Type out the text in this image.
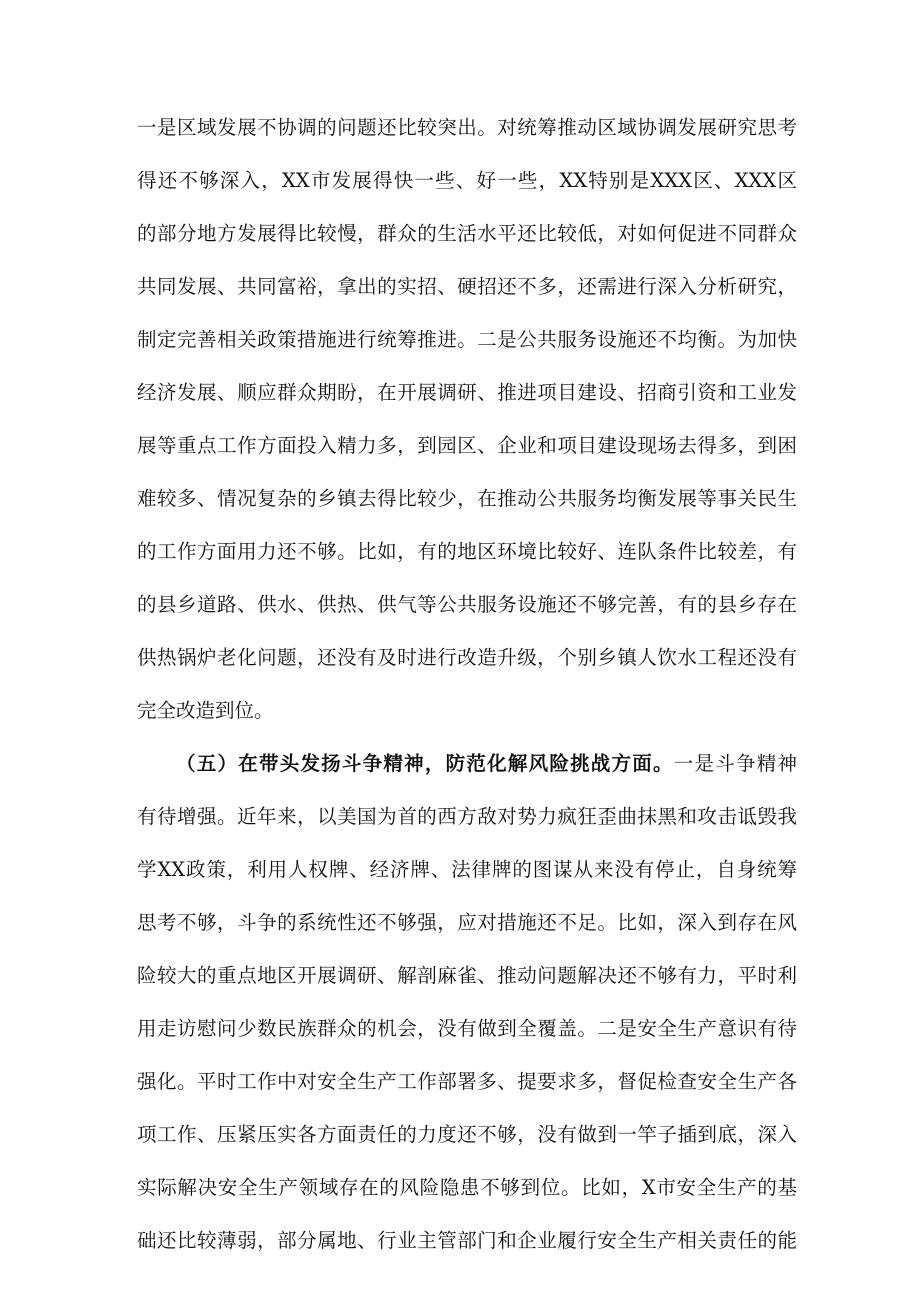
一是区域发展不协调的问题还比较突出。对统筹推动区域协调发展研究思考
得还不够深入，XX市发展得快一些、好一些，XX特别是XXX区、XXX区
的部分地方发展得比较慢，群众的生活水平还比较低，对如何促进不同群众
共同发展、共同富裕，拿出的实招、硬招还不多，还需进行深入分析研究，
制定完善相关政策措施进行统筹推进。二是公共服务设施还不均衡。为加快
经济发展、顺应群众期盼，在开展调研、推进项目建设、招商引资和工业发
展等重点工作方面投入精力多，到园区、企业和项目建设现场去得多，到困
难较多、情况复杂的乡镇去得比较少，在推动公共服务均衡发展等事关民生
的工作方面用力还不够。比如，有的地区环境比较好、连队条件比较差，有
的县乡道路、供水、供热、供气等公共服务设施还不够完善，有的县乡存在
供热锅炉老化问题，还没有及时进行改造升级，个别乡镇人饮水工程还没有
完全改造到位。
（五）在带头发扬斗争精神，防范化解风险挑战方面。一是斗争精神
有待增强。近年来，以美国为首的西方敌对势力疯狂歪曲抹黑和攻击诋毁我
学XX政策，利用人权牌、经济牌、法律牌的图谋从来没有停止，自身统筹
思考不够，斗争的系统性还不够强，应对措施还不足。比如，深入到存在风
险较大的重点地区开展调研、解剖麻雀、推动问题解决还不够有力，平时利
用走访慰问少数民族群众的机会，没有做到全覆盖。二是安全生产意识有待
强化。平时工作中对安全生产工作部署多、提要求多，督促检查安全生产各
项工作、压紧压实各方面责任的力度还不够，没有做到一竿子插到底，深入
实际解决安全生产领域存在的风险隐患不够到位。比如，X市安全生产的基
础还比较薄弱，部分属地、行业主管部门和企业履行安全生产相关责任的能
